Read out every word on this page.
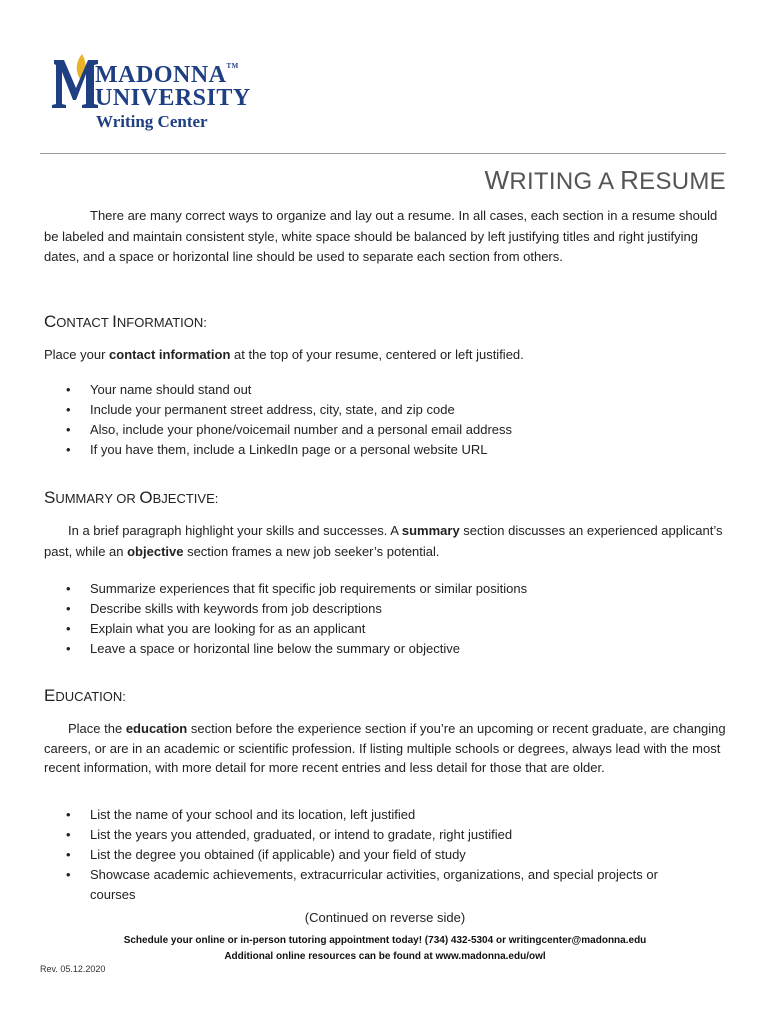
MADONNA™
UNIVERSITY
Writing Center
WRITING A RESUME
There are many correct ways to organize and lay out a resume. In all cases, each section in a resume should be labeled and maintain consistent style, white space should be balanced by left justifying titles and right justifying dates, and a space or horizontal line should be used to separate each section from others.
CONTACT INFORMATION:
Place your contact information at the top of your resume, centered or left justified.
• Your name should stand out
• Include your permanent street address, city, state, and zip code
• Also, include your phone/voicemail number and a personal email address
• If you have them, include a LinkedIn page or a personal website URL
SUMMARY OR OBJECTIVE:
In a brief paragraph highlight your skills and successes. A summary section discusses an experienced applicant’s past, while an objective section frames a new job seeker’s potential.
• Summarize experiences that fit specific job requirements or similar positions
• Describe skills with keywords from job descriptions
• Explain what you are looking for as an applicant
• Leave a space or horizontal line below the summary or objective
EDUCATION:
Place the education section before the experience section if you’re an upcoming or recent graduate, are changing careers, or are in an academic or scientific profession. If listing multiple schools or degrees, always lead with the most recent information, with more detail for more recent entries and less detail for those that are older.
• List the name of your school and its location, left justified
• List the years you attended, graduated, or intend to gradate, right justified
• List the degree you obtained (if applicable) and your field of study
• Showcase academic achievements, extracurricular activities, organizations, and special projects or courses
(Continued on reverse side)
Schedule your online or in-person tutoring appointment today! (734) 432-5304 or writingcenter@madonna.edu
Additional online resources can be found at www.madonna.edu/owl
Rev. 05.12.2020
